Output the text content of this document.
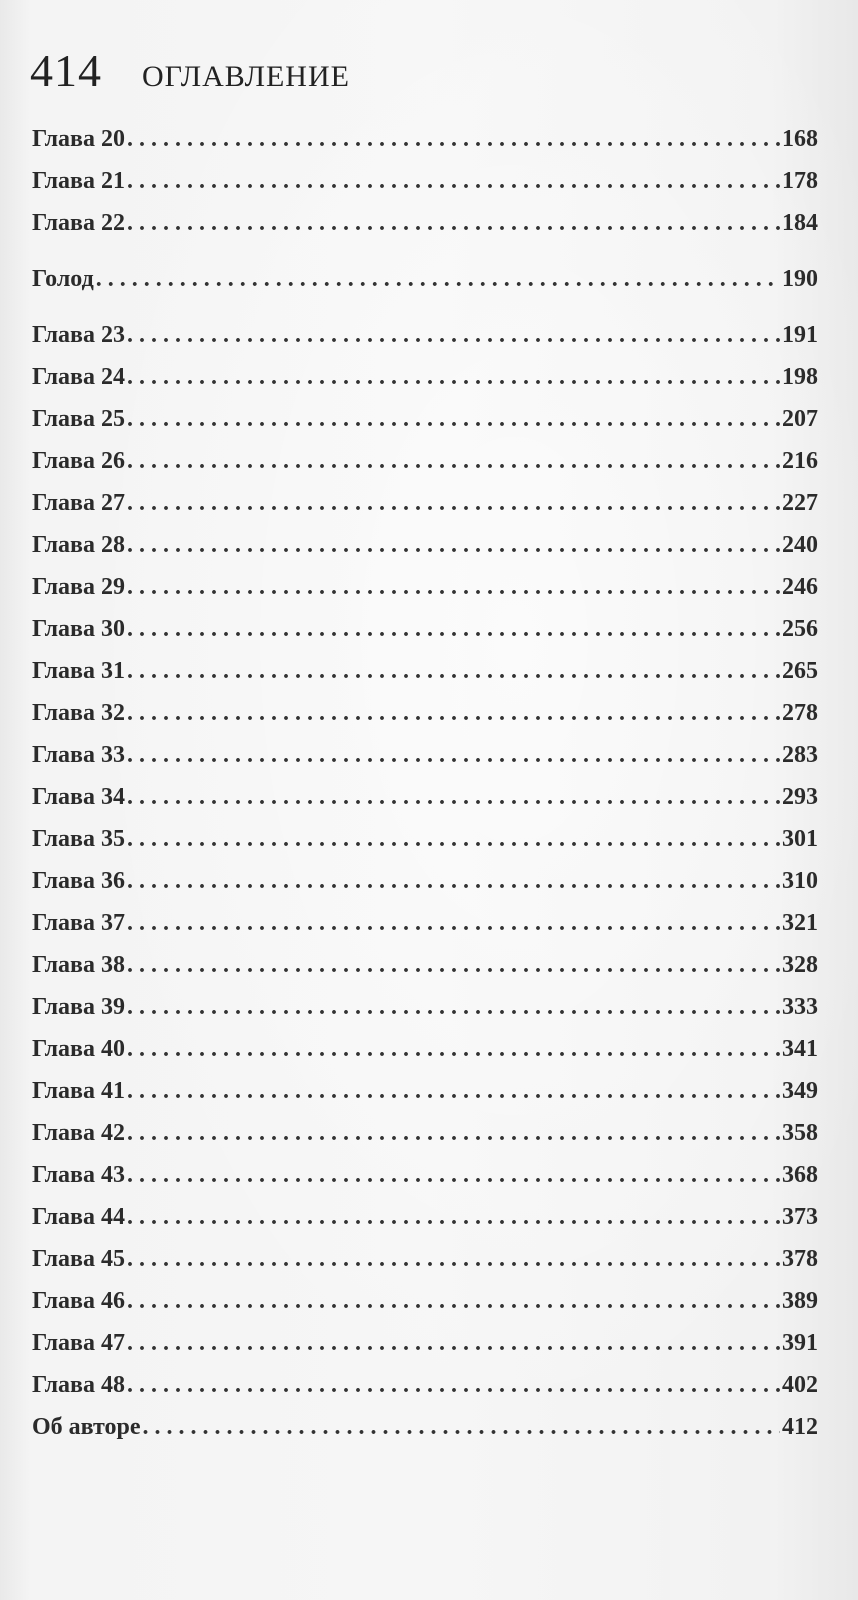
414 ОГЛАВЛЕНИЕ
Глава 20 . . .	168
Глава 21 . . .	178
Глава 22 . . .	184
Голод . . .	190
Глава 23 . . .	191
Глава 24 . . .	198
Глава 25 . . .	207
Глава 26 . . .	216
Глава 27 . . .	227
Глава 28 . . .	240
Глава 29 . . .	246
Глава 30 . . .	256
Глава 31 . . .	265
Глава 32 . . .	278
Глава 33 . . .	283
Глава 34 . . .	293
Глава 35 . . .	301
Глава 36 . . .	310
Глава 37 . . .	321
Глава 38 . . .	328
Глава 39 . . .	333
Глава 40 . . .	341
Глава 41 . . .	349
Глава 42 . . .	358
Глава 43 . . .	368
Глава 44 . . .	373
Глава 45 . . .	378
Глава 46 . . .	389
Глава 47 . . .	391
Глава 48 . . .	402
Об авторе . . .	412
